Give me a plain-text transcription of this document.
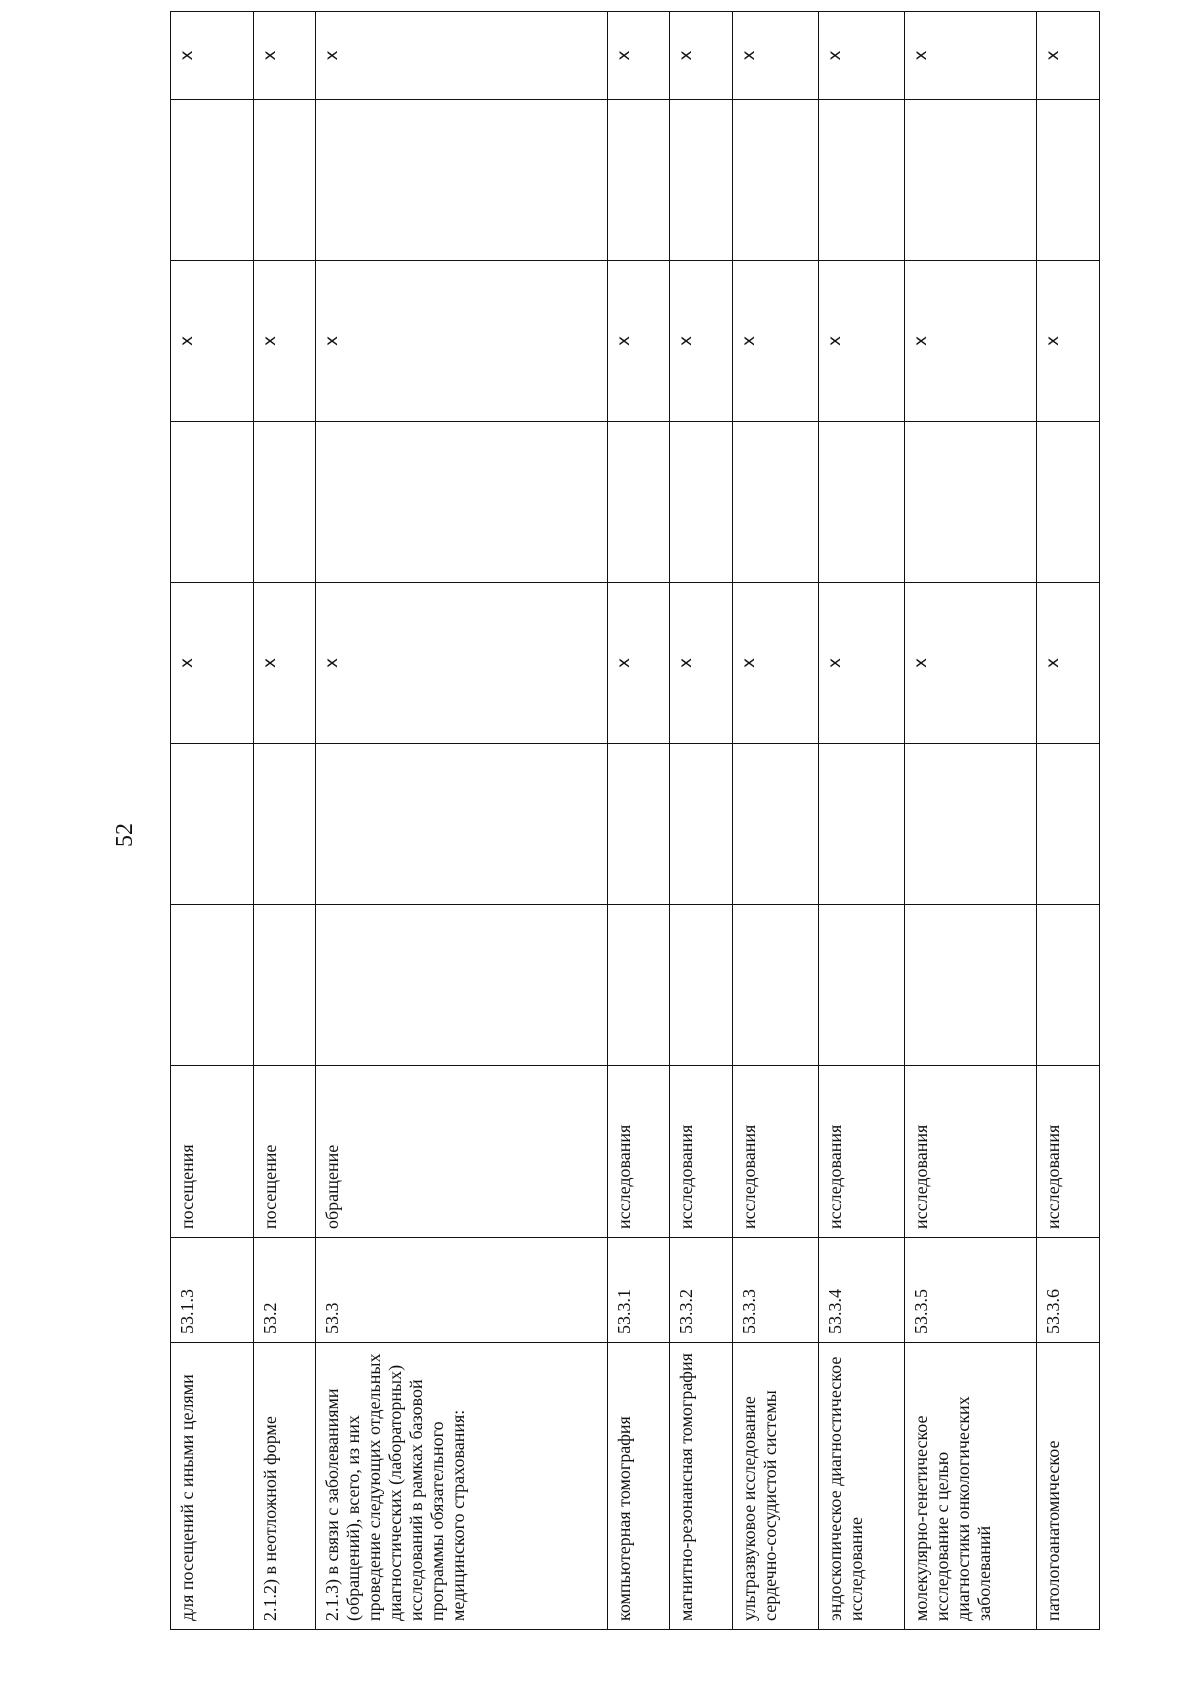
52
для посещений с иными целями	53.1.3	посещения			x		x		x
2.1.2) в неотложной форме	53.2	посещение			x		x		x
2.1.3) в связи с заболеваниями (обращений), всего, из них проведение следующих отдельных диагностических (лабораторных) исследований в рамках базовой программы обязательного медицинского страхования:	53.3	обращение			x		x		x
компьютерная томография	53.3.1	исследования			x		x		x
магнитно-резонансная томография	53.3.2	исследования			x		x		x
ультразвуковое исследование сердечно-сосудистой системы	53.3.3	исследования			x		x		x
эндоскопическое диагностическое исследование	53.3.4	исследования			x		x		x
молекулярно-генетическое исследование с целью диагностики онкологических заболеваний	53.3.5	исследования			x		x		x
патологоанатомическое	53.3.6	исследования			x		x		x
